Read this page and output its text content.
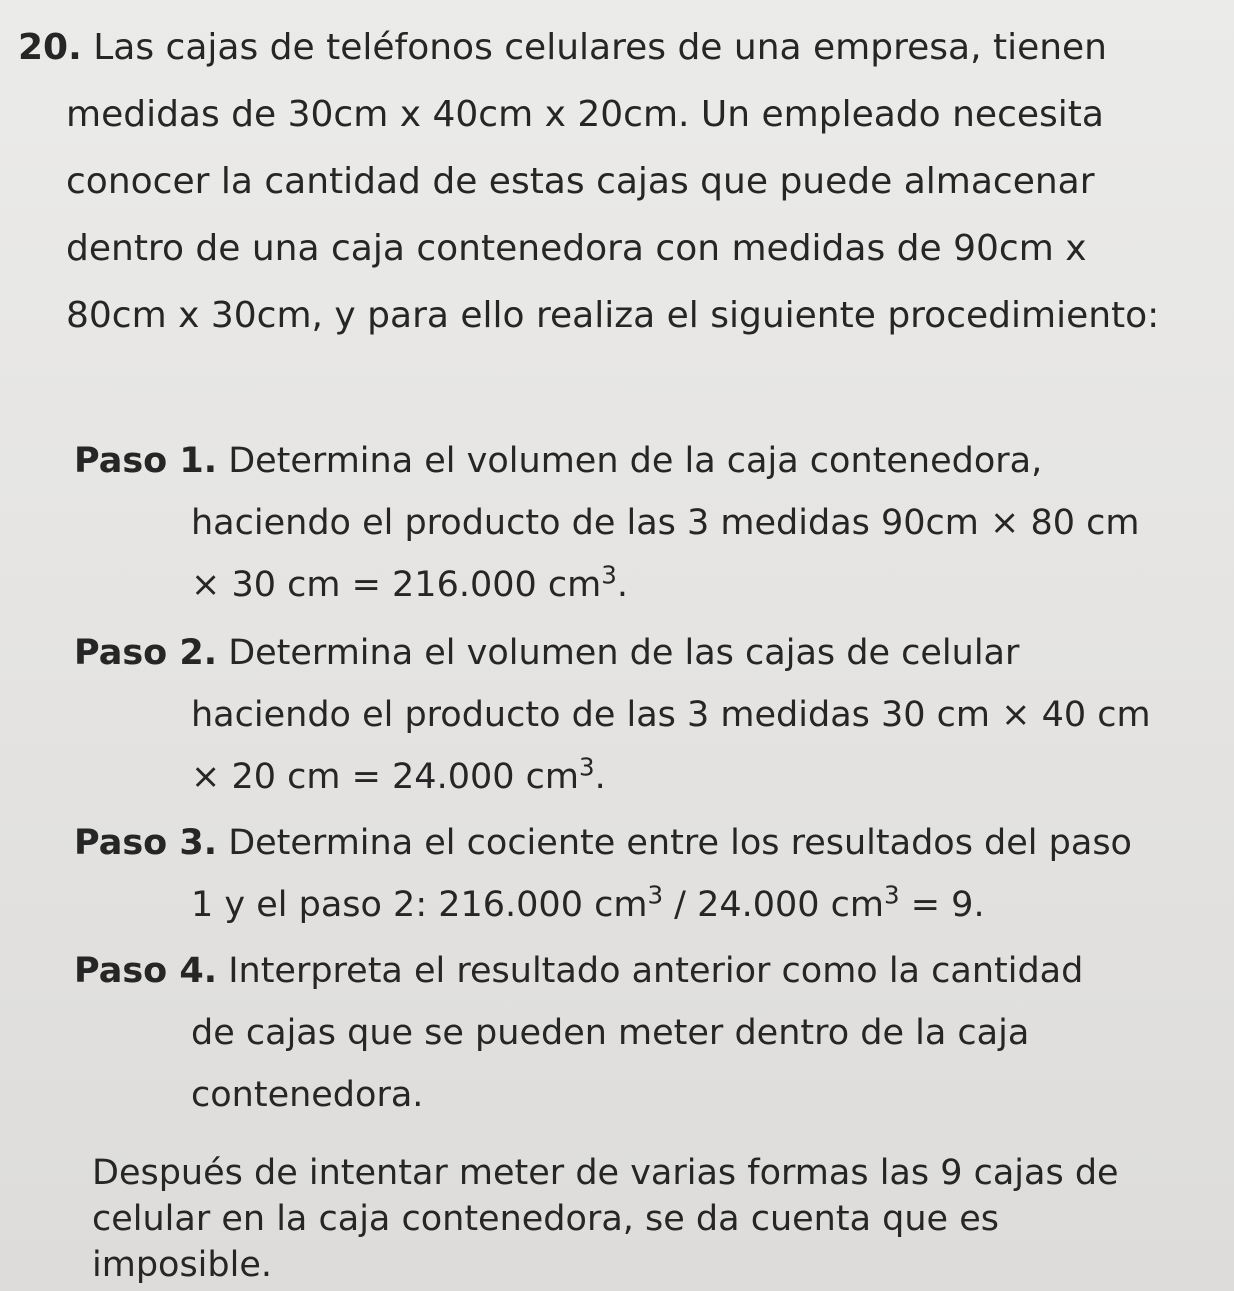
20. Las cajas de teléfonos celulares de una empresa, tienen
medidas de 30cm x 40cm x 20cm. Un empleado necesita
conocer la cantidad de estas cajas que puede almacenar
dentro de una caja contenedora con medidas de 90cm x
80cm x 30cm, y para ello realiza el siguiente procedimiento:

Paso 1. Determina el volumen de la caja contenedora,
haciendo el producto de las 3 medidas 90cm × 80 cm
× 30 cm = 216.000 $cm^3$.

Paso 2. Determina el volumen de las cajas de celular
haciendo el producto de las 3 medidas 30 cm × 40 cm
× 20 cm = 24.000 $cm^3$.

Paso 3. Determina el cociente entre los resultados del paso
1 y el paso 2: 216.000 $cm^3 / 24.000$ $cm^3 = 9$.

Paso 4. Interpreta el resultado anterior como la cantidad
de cajas que se pueden meter dentro de la caja
contenedora.

Después de intentar meter de varias formas las 9 cajas de
celular en la caja contenedora, se da cuenta que es
imposible.
